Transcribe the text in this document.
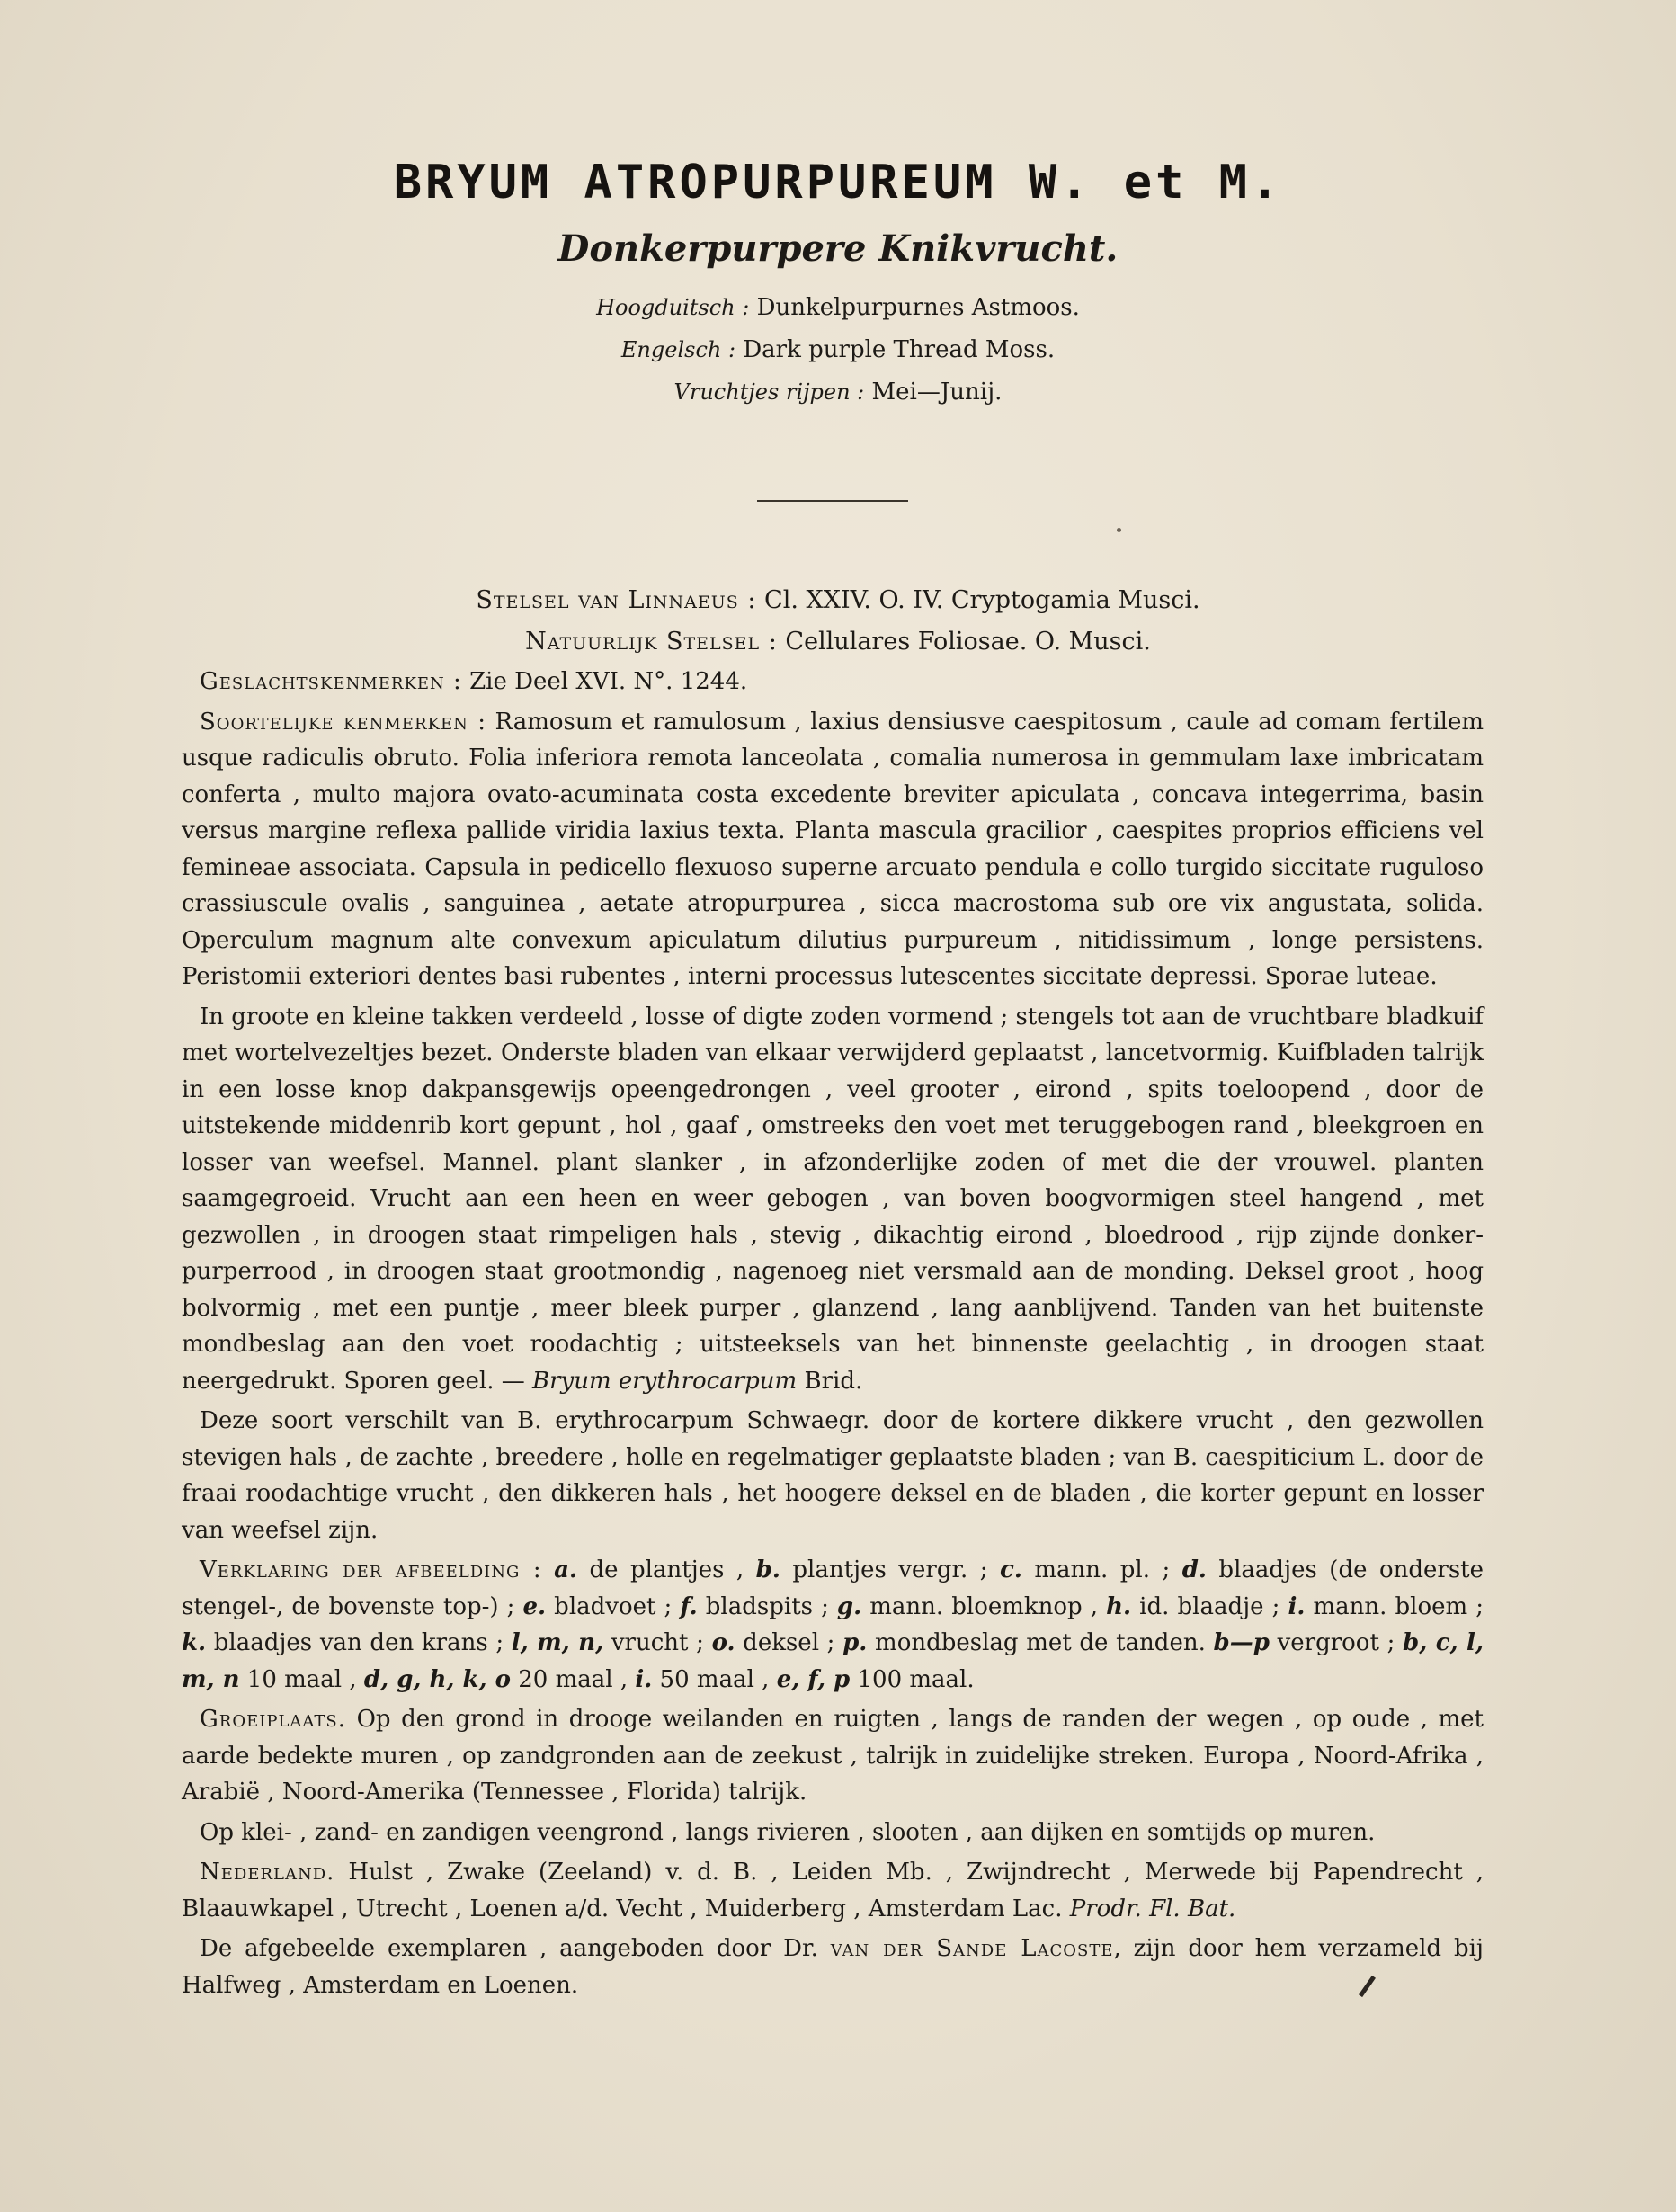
BRYUM ATROPURPUREUM W. et M.
Donkerpurpere Knikvrucht.
Hoogduitsch : Dunkelpurpurnes Astmoos.
Engelsch : Dark purple Thread Moss.
Vruchtjes rijpen : Mei—Junij.
Stelsel van Linnaeus : Cl. XXIV. O. IV. Cryptogamia Musci.
Natuurlijk Stelsel : Cellulares Foliosae. O. Musci.

Geslachtskenmerken : Zie Deel XVI. N°. 1244.

Soortelijke kenmerken : Ramosum et ramulosum , laxius densiusve caespitosum , caule ad comam fertilem usque radiculis obruto. Folia inferiora remota lanceolata , comalia numerosa in gemmulam laxe imbricatam conferta , multo majora ovato-acuminata costa excedente breviter apiculata , concava integerrima, basin versus margine reflexa pallide viridia laxius texta. Planta mascula gracilior , caespites proprios efficiens vel femineae associata. Capsula in pedicello flexuoso superne arcuato pendula e collo turgido siccitate ruguloso crassiuscule ovalis , sanguinea , aetate atropurpurea , sicca macrostoma sub ore vix angustata, solida. Operculum magnum alte convexum apiculatum dilutius purpureum , nitidissimum , longe persistens. Peristomii exteriori dentes basi rubentes , interni processus lutescentes siccitate depressi. Sporae luteae.

In groote en kleine takken verdeeld , losse of digte zoden vormend ; stengels tot aan de vruchtbare bladkuif met wortelvezeltjes bezet. Onderste bladen van elkaar verwijderd geplaatst , lancetvormig. Kuifbladen talrijk in een losse knop dakpansgewijs opeengedrongen , veel grooter , eirond , spits toeloopend , door de uitstekende middenrib kort gepunt , hol , gaaf , omstreeks den voet met teruggebogen rand , bleekgroen en losser van weefsel. Mannel. plant slanker , in afzonderlijke zoden of met die der vrouwel. planten saamgegroeid. Vrucht aan een heen en weer gebogen , van boven boogvormigen steel hangend , met gezwollen , in droogen staat rimpeligen hals , stevig , dikachtig eirond , bloedrood , rijp zijnde donker-purperrood , in droogen staat grootmondig , nagenoeg niet versmald aan de monding. Deksel groot , hoog bolvormig , met een puntje , meer bleek purper , glanzend , lang aanblijvend. Tanden van het buitenste mondbeslag aan den voet roodachtig ; uitsteeksels van het binnenste geelachtig , in droogen staat neergedrukt. Sporen geel. — Bryum erythrocarpum Brid.

Deze soort verschilt van B. erythrocarpum Schwaegr. door de kortere dikkere vrucht , den gezwollen stevigen hals , de zachte , breedere , holle en regelmatiger geplaatste bladen ; van B. caespiticium L. door de fraai roodachtige vrucht , den dikkeren hals , het hoogere deksel en de bladen , die korter gepunt en losser van weefsel zijn.

Verklaring der afbeelding : a. de plantjes , b. plantjes vergr. ; c. mann. pl. ; d. blaadjes (de onderste stengel-, de bovenste top-) ; e. bladvoet ; f. bladspits ; g. mann. bloemknop , h. id. blaadje ; i. mann. bloem ; k. blaadjes van den krans ; l, m, n, vrucht ; o. deksel ; p. mondbeslag met de tanden. b—p vergroot ; b, c, l, m, n 10 maal , d, g, h, k, o 20 maal , i. 50 maal , e, f, p 100 maal.

Groeiplaats. Op den grond in drooge weilanden en ruigten , langs de randen der wegen , op oude , met aarde bedekte muren , op zandgronden aan de zeekust , talrijk in zuidelijke streken. Europa , Noord-Afrika , Arabië , Noord-Amerika (Tennessee , Florida) talrijk.

Op klei- , zand- en zandigen veengrond , langs rivieren , slooten , aan dijken en somtijds op muren.

Nederland. Hulst , Zwake (Zeeland) v. d. B. , Leiden Mb. , Zwijndrecht , Merwede bij Papendrecht , Blaauwkapel , Utrecht , Loenen a/d. Vecht , Muiderberg , Amsterdam Lac. Prodr. Fl. Bat.

De afgebeelde exemplaren , aangeboden door Dr. van der Sande Lacoste, zijn door hem verzameld bij Halfweg , Amsterdam en Loenen.
